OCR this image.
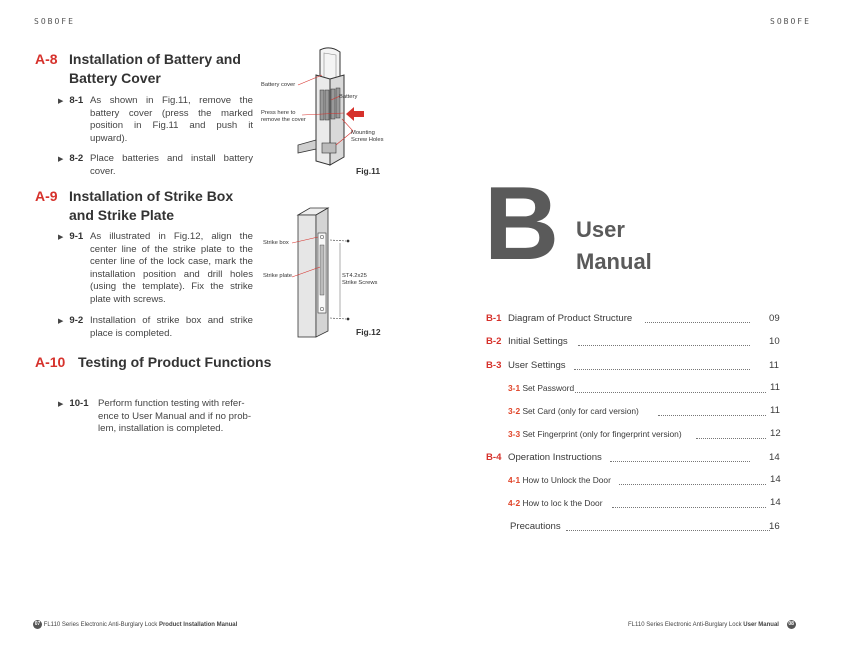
SOBOFE	SOBOFE
A-8 Installation of Battery and

Battery Cover
▶ 8-1 As shown in Fig.11, remove the
battery cover (press the marked
position in Fig.11 and push it
upward).
▶ 8-2 Place batteries and install battery
cover.
A-9 Installation of Strike Box

and Strike Plate
▶ 9-1 As illustrated in Fig.12, align the
center line of the strike plate to the
center line of the lock case, mark the
installation position and drill holes
(using the template). Fix the strike
plate with screws.
▶ 9-2 Installation of strike box and strike
place is completed.
A-10 Testing of Product Functions
▶ 10-1 Perform function testing with refer-
ence to User Manual and if no prob-
lem, installation is completed.
Battery cover
Battery
Press here to
remove the cover
Mounting
Screw Holes
Fig.11
Strike box
Strike plate	ST4.2x25
Strike Screws
Fig.12
07 FL110 Series Electronic Anti-Burglary Lock Product Installation Manual
B User
Manual
B-1 Diagram of Product Structure	09
B-2 Initial Settings	10
B-3 User Settings	11
3-1 Set Password	11
3-2 Set Card (only for card version)	11
3-3 Set Fingerprint (only for fingerprint version)	12
B-4 Operation Instructions	14
4-1 How to Unlock the Door	14
4-2 How to loc k the Door	14
Precautions	16
FL110 Series Electronic Anti-Burglary Lock User Manual 08
